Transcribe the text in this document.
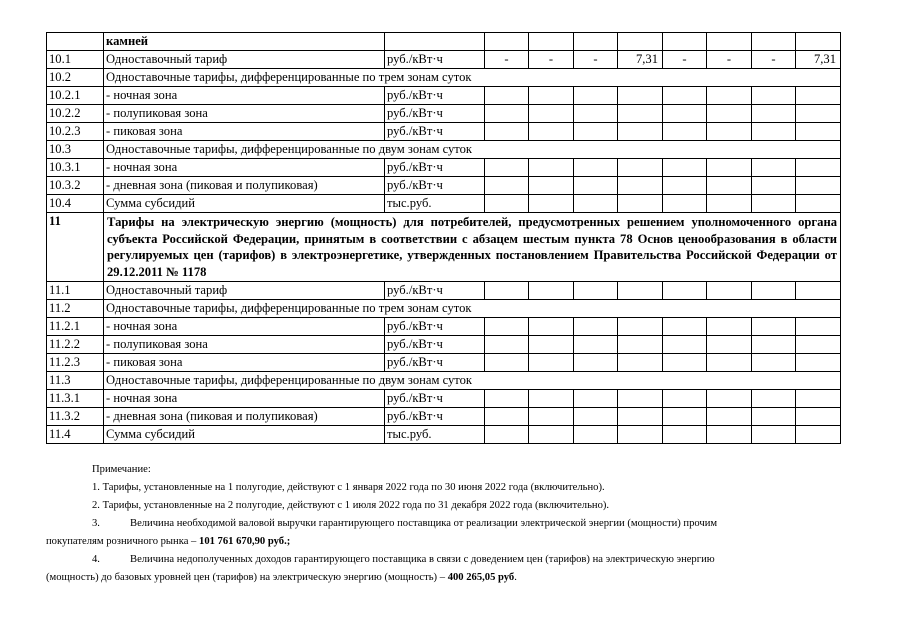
	камней									
10.1	Одноставочный тариф	руб./кВт·ч	-	-	-	7,31	-	-	-	7,31
10.2	Одноставочные тарифы, дифференцированные по трем зонам суток									
10.2.1	- ночная зона	руб./кВт·ч								
10.2.2	- полупиковая зона	руб./кВт·ч								
10.2.3	- пиковая зона	руб./кВт·ч								
10.3	Одноставочные тарифы, дифференцированные по двум зонам суток									
10.3.1	- ночная зона	руб./кВт·ч								
10.3.2	- дневная зона (пиковая и полупиковая)	руб./кВт·ч								
10.4	Сумма субсидий	тыс.руб.								
11	Тарифы на электрическую энергию (мощность) для потребителей, предусмотренных решением уполномоченного органа субъекта Российской Федерации, принятым в соответствии с абзацем шестым пункта 78 Основ ценообразования в области регулируемых цен (тарифов) в электроэнергетике, утвержденных постановлением Правительства Российской Федерации от 29.12.2011 № 1178									
11.1	Одноставочный тариф	руб./кВт·ч								
11.2	Одноставочные тарифы, дифференцированные по трем зонам суток									
11.2.1	- ночная зона	руб./кВт·ч								
11.2.2	- полупиковая зона	руб./кВт·ч								
11.2.3	- пиковая зона	руб./кВт·ч								
11.3	Одноставочные тарифы, дифференцированные по двум зонам суток									
11.3.1	- ночная зона	руб./кВт·ч								
11.3.2	- дневная зона (пиковая и полупиковая)	руб./кВт·ч								
11.4	Сумма субсидий	тыс.руб.								

Примечание:

1. Тарифы, установленные на 1 полугодие, действуют с 1 января 2022 года по 30 июня 2022 года (включительно).

2. Тарифы, установленные на 2 полугодие, действуют с 1 июля 2022 года по 31 декабря 2022 года (включительно).

3.	Величина необходимой валовой выручки гарантирующего поставщика от реализации электрической энергии (мощности) прочим

покупателям розничного рынка – 101 761 670,90 руб.;

4.	Величина недополученных доходов гарантирующего поставщика в связи с доведением цен (тарифов) на электрическую энергию

(мощность) до базовых уровней цен (тарифов) на электрическую энергию (мощность) – 400 265,05 руб.
